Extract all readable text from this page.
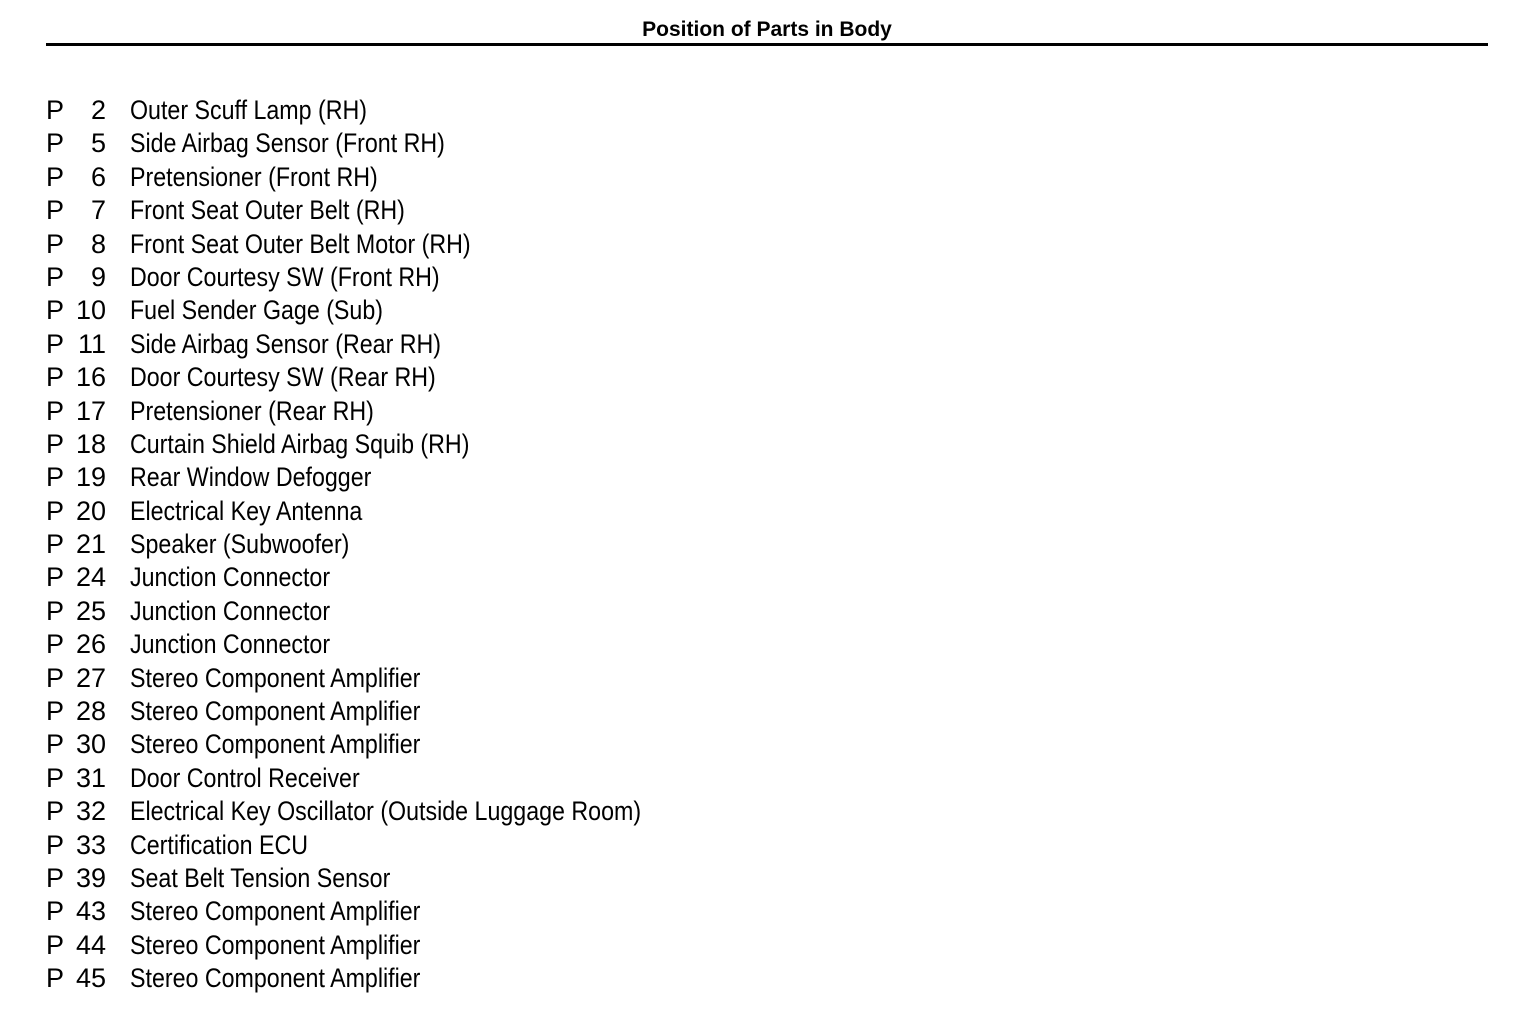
Position of Parts in Body
P 2 Outer Scuff Lamp (RH)
P 5 Side Airbag Sensor (Front RH)
P 6 Pretensioner (Front RH)
P 7 Front Seat Outer Belt (RH)
P 8 Front Seat Outer Belt Motor (RH)
P 9 Door Courtesy SW (Front RH)
P 10 Fuel Sender Gage (Sub)
P 11 Side Airbag Sensor (Rear RH)
P 16 Door Courtesy SW (Rear RH)
P 17 Pretensioner (Rear RH)
P 18 Curtain Shield Airbag Squib (RH)
P 19 Rear Window Defogger
P 20 Electrical Key Antenna
P 21 Speaker (Subwoofer)
P 24 Junction Connector
P 25 Junction Connector
P 26 Junction Connector
P 27 Stereo Component Amplifier
P 28 Stereo Component Amplifier
P 30 Stereo Component Amplifier
P 31 Door Control Receiver
P 32 Electrical Key Oscillator (Outside Luggage Room)
P 33 Certification ECU
P 39 Seat Belt Tension Sensor
P 43 Stereo Component Amplifier
P 44 Stereo Component Amplifier
P 45 Stereo Component Amplifier
